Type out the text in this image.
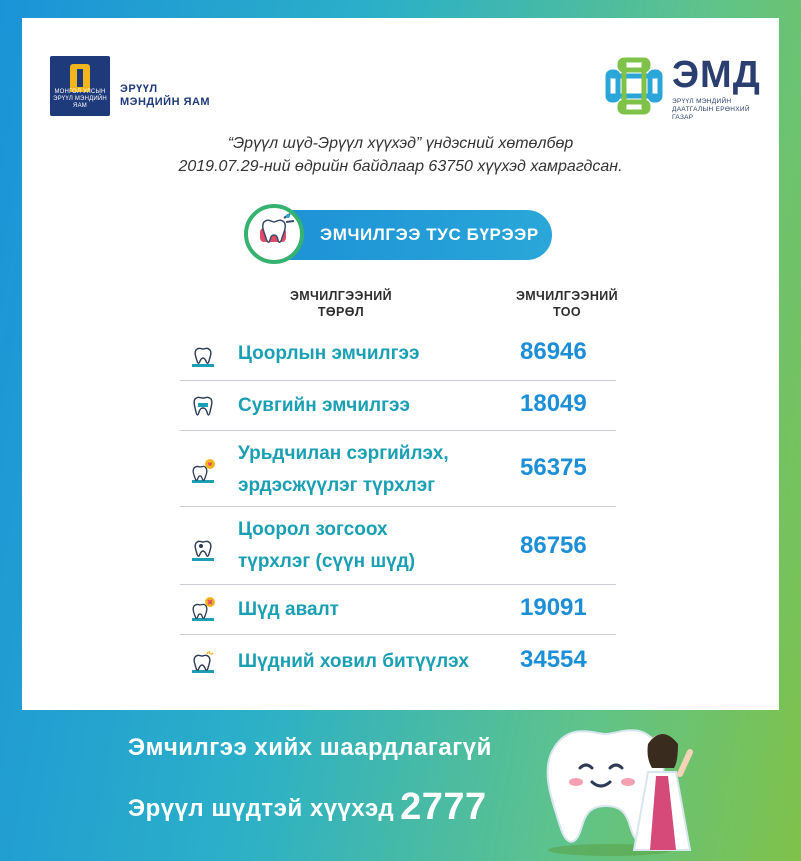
МОНГОЛ УЛСЫН ЭРҮҮЛ МЭНДИЙН ЯАМ
ЭРҮҮЛ
МЭНДИЙН ЯАМ
ЭМД
ЭРҮҮЛ МЭНДИЙН ДААТГАЛЫН ЕРӨНХИЙ ГАЗАР
“Эрүүл шүд-Эрүүл хүүхэд” үндэсний хөтөлбөр
2019.07.29-ний өдрийн байдлаар 63750 хүүхэд хамрагдсан.
ЭМЧИЛГЭЭ ТУС БҮРЭЭР
ЭМЧИЛГЭЭНИЙ
ТӨРӨЛ
ЭМЧИЛГЭЭНИЙ
ТОО
Цоорлын эмчилгээ	86946
Сувгийн эмчилгээ	18049
Урьдчилан сэргийлэх,
эрдэсжүүлэг түрхлэг
56375
Цоорол зогсоох
түрхлэг (сүүн шүд)
86756
Шүд авалт	19091
Шүдний ховил битүүлэх 34554
Эмчилгээ хийх шаардлагагүй
Эрүүл шүдтэй хүүхэд 2777
